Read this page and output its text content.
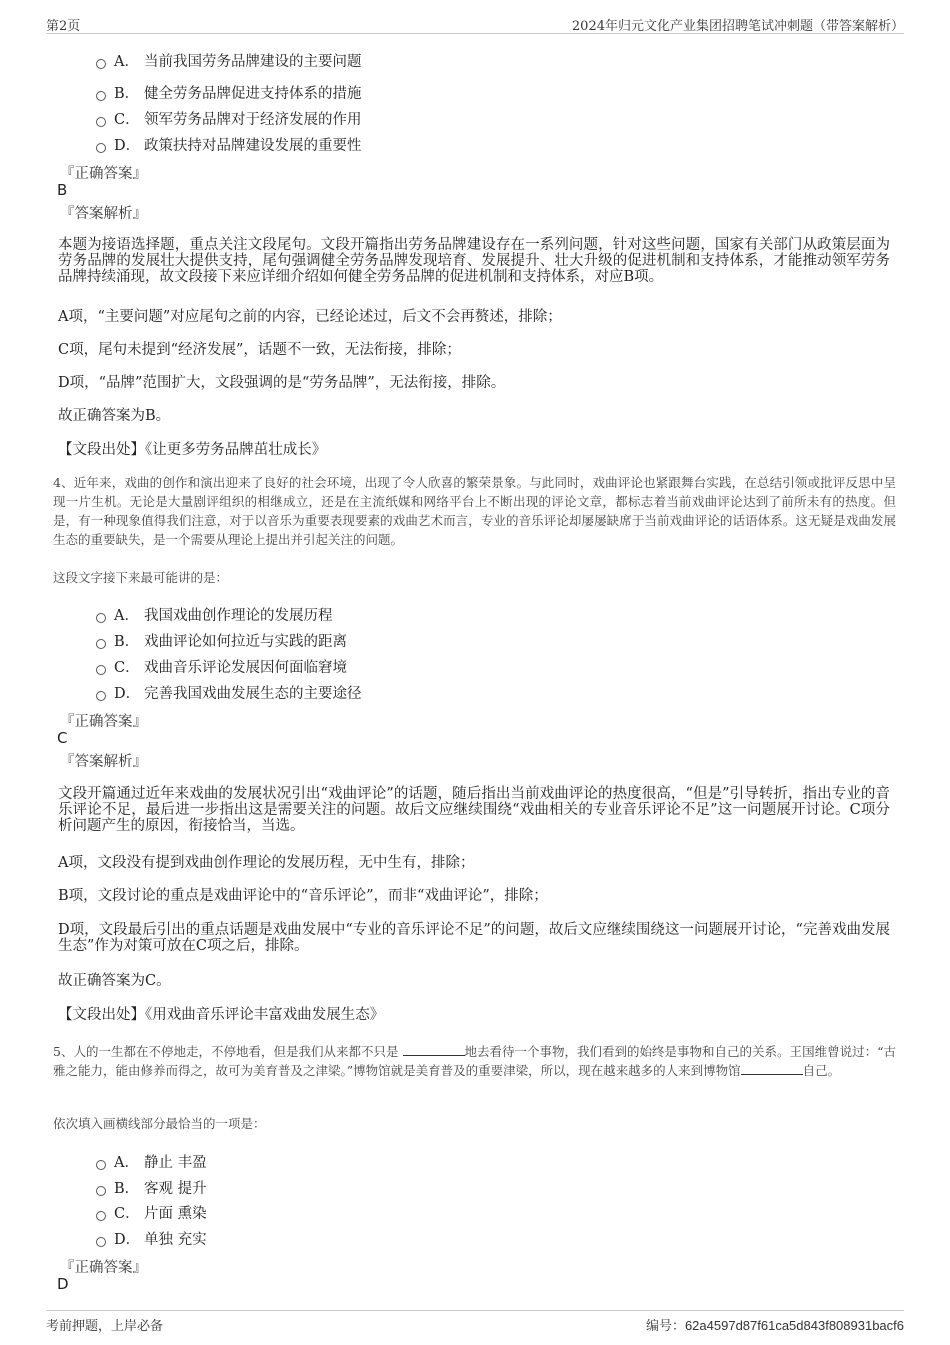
第2页	2024年归元文化产业集团招聘笔试冲刺题（带答案解析）
A． 当前我国劳务品牌建设的主要问题
B． 健全劳务品牌促进支持体系的措施
C． 领军劳务品牌对于经济发展的作用
D． 政策扶持对品牌建设发展的重要性
『正确答案』
B
『答案解析』
本题为接语选择题，重点关注文段尾句。文段开篇指出劳务品牌建设存在一系列问题，针对这些问题，国家有关部门从政策层面为劳务品牌的发展壮大提供支持，尾句强调健全劳务品牌发现培育、发展提升、壮大升级的促进机制和支持体系，才能推动领军劳务品牌持续涌现，故文段接下来应详细介绍如何健全劳务品牌的促进机制和支持体系，对应B项。
A项，“主要问题”对应尾句之前的内容，已经论述过，后文不会再赘述，排除；
C项，尾句未提到“经济发展”，话题不一致，无法衔接，排除；
D项，“品牌”范围扩大，文段强调的是“劳务品牌”，无法衔接，排除。
故正确答案为B。
【文段出处】《让更多劳务品牌茁壮成长》
4、近年来，戏曲的创作和演出迎来了良好的社会环境，出现了令人欣喜的繁荣景象。与此同时，戏曲评论也紧跟舞台实践，在总结引领或批评反思中呈现一片生机。无论是大量剧评组织的相继成立，还是在主流纸媒和网络平台上不断出现的评论文章，都标志着当前戏曲评论达到了前所未有的热度。但是，有一种现象值得我们注意，对于以音乐为重要表现要素的戏曲艺术而言，专业的音乐评论却屡屡缺席于当前戏曲评论的话语体系。这无疑是戏曲发展生态的重要缺失，是一个需要从理论上提出并引起关注的问题。
这段文字接下来最可能讲的是：
A． 我国戏曲创作理论的发展历程
B． 戏曲评论如何拉近与实践的距离
C． 戏曲音乐评论发展因何面临窘境
D． 完善我国戏曲发展生态的主要途径
『正确答案』
C
『答案解析』
文段开篇通过近年来戏曲的发展状况引出“戏曲评论”的话题，随后指出当前戏曲评论的热度很高，“但是”引导转折，指出专业的音乐评论不足，最后进一步指出这是需要关注的问题。故后文应继续围绕“戏曲相关的专业音乐评论不足”这一问题展开讨论。C项分析问题产生的原因，衔接恰当，当选。
A项，文段没有提到戏曲创作理论的发展历程，无中生有，排除；
B项，文段讨论的重点是戏曲评论中的“音乐评论”，而非“戏曲评论”，排除；
D项，文段最后引出的重点话题是戏曲发展中“专业的音乐评论不足”的问题，故后文应继续围绕这一问题展开讨论，“完善戏曲发展生态”作为对策可放在C项之后，排除。
故正确答案为C。
【文段出处】《用戏曲音乐评论丰富戏曲发展生态》
5、人的一生都在不停地走，不停地看，但是我们从来都不只是	地去看待一个事物，我们看到的始终是事物和自己的关系。王国维曾说过：“古雅之能力，能由修养而得之，故可为美育普及之津梁。”博物馆就是美育普及的重要津梁，所以，现在越来越多的人来到博物馆	自己。
依次填入画横线部分最恰当的一项是：
A． 静止 丰盈
B． 客观 提升
C． 片面 熏染
D． 单独 充实
『正确答案』
D
考前押题，上岸必备	编号：62a4597d87f61ca5d843f808931bacf6
